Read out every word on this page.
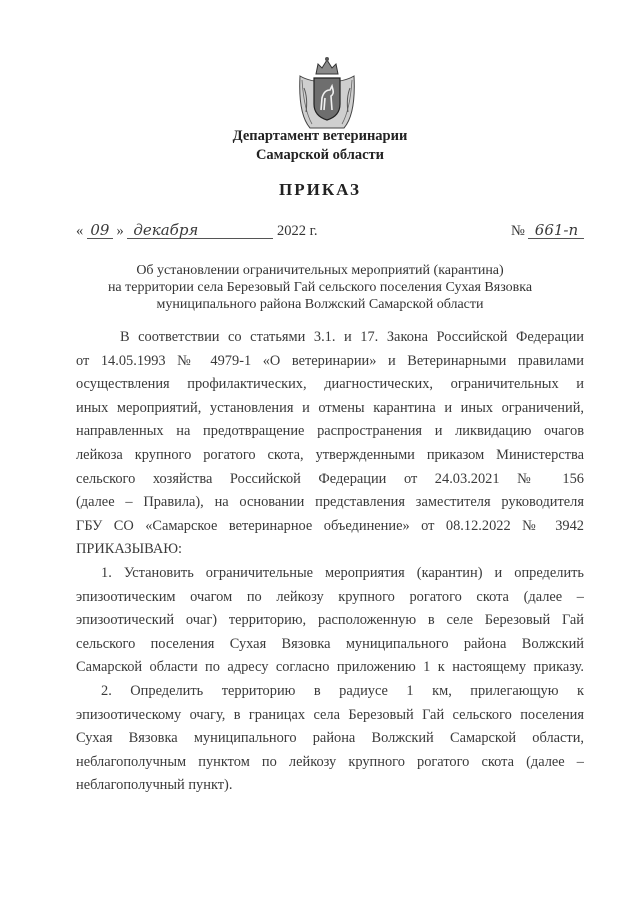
Департамент ветеринарии
Самарской области
ПРИКАЗ
« 09 » декабря	2022 г.	№ 661-п
Об установлении ограничительных мероприятий (карантина)
на территории села Березовый Гай сельского поселения Сухая Вязовка
муниципального района Волжский Самарской области
В соответствии со статьями 3.1. и 17. Закона Российской Федерации
от 14.05.1993 № 4979-1 «О ветеринарии» и Ветеринарными правилами
осуществления профилактических, диагностических, ограничительных и
иных мероприятий, установления и отмены карантина и иных ограничений,
направленных на предотвращение распространения и ликвидацию очагов
лейкоза крупного рогатого скота, утвержденными приказом Министерства
сельского хозяйства Российской Федерации от 24.03.2021 № 156
(далее – Правила), на основании представления заместителя руководителя
ГБУ СО «Самарское ветеринарное объединение» от 08.12.2022 № 3942
ПРИКАЗЫВАЮ:
1. Установить ограничительные мероприятия (карантин) и определить
эпизоотическим очагом по лейкозу крупного рогатого скота (далее –
эпизоотический очаг) территорию, расположенную в селе Березовый Гай
сельского поселения Сухая Вязовка муниципального района Волжский
Самарской области по адресу согласно приложению 1 к настоящему приказу.
2. Определить территорию в радиусе 1 км, прилегающую к
эпизоотическому очагу, в границах села Березовый Гай сельского поселения
Сухая Вязовка муниципального района Волжский Самарской области,
неблагополучным пунктом по лейкозу крупного рогатого скота (далее –
неблагополучный пункт).
